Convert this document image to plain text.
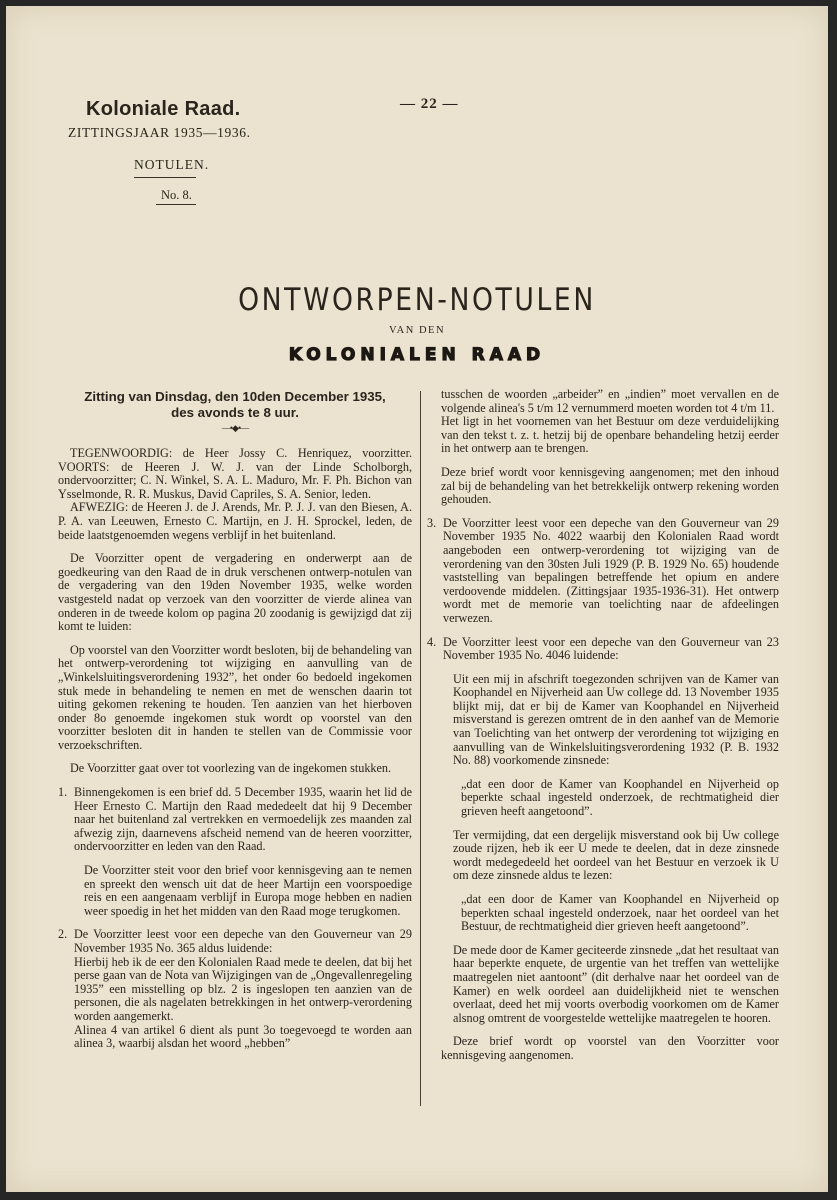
Koloniale Raad.
ZITTINGSJAAR 1935—1936.
— 22 —
NOTULEN.
No. 8.
ONTWORPEN-NOTULEN
VAN DEN
KOLONIALEN RAAD

Zitting van Dinsdag, den 10den December 1935,

des avonds te 8 uur.

—•◆•—

TEGENWOORDIG: de Heer Jossy C. Henriquez, voorzitter. VOORTS: de Heeren J. W. J. van der Linde Scholborgh, ondervoorzitter; C. N. Winkel, S. A. L. Maduro, Mr. F. Ph. Bichon van Ysselmonde, R. R. Muskus, David Capriles, S. A. Senior, leden.

AFWEZIG: de Heeren J. de J. Arends, Mr. P. J. J. van den Biesen, A. P. A. van Leeuwen, Ernesto C. Martijn, en J. H. Sprockel, leden, de beide laatstgenoemden wegens verblijf in het buitenland.

De Voorzitter opent de vergadering en onderwerpt aan de goedkeuring van den Raad de in druk verschenen ontwerp-notulen van de vergadering van den 19den November 1935, welke worden vastgesteld nadat op verzoek van den voorzitter de vierde alinea van onderen in de tweede kolom op pagina 20 zoodanig is gewijzigd dat zij komt te luiden:

Op voorstel van den Voorzitter wordt besloten, bij de behandeling van het ontwerp-verordening tot wijziging en aanvulling van de „Winkelsluitingsverordening 1932”, het onder 6o bedoeld ingekomen stuk mede in behandeling te nemen en met de wenschen daarin tot uiting gekomen rekening te houden. Ten aanzien van het hierboven onder 8o genoemde ingekomen stuk wordt op voorstel van den voorzitter besloten dit in handen te stellen van de Commissie voor verzoekschriften.

De Voorzitter gaat over tot voorlezing van de ingekomen stukken.

1. Binnengekomen is een brief dd. 5 December 1935, waarin het lid de Heer Ernesto C. Martijn den Raad mededeelt dat hij 9 December naar het buitenland zal vertrekken en vermoedelijk zes maanden zal afwezig zijn, daarnevens afscheid nemend van de heeren voorzitter, ondervoorzitter en leden van den Raad.

De Voorzitter steit voor den brief voor kennisgeving aan te nemen en spreekt den wensch uit dat de heer Martijn een voorspoedige reis en een aangenaam verblijf in Europa moge hebben en nadien weer spoedig in het het midden van den Raad moge terugkomen.

2. De Voorzitter leest voor een depeche van den Gouverneur van 29 November 1935 No. 365 aldus luidende:

Hierbij heb ik de eer den Kolonialen Raad mede te deelen, dat bij het perse gaan van de Nota van Wijzigingen van de „Ongevallenregeling 1935” een misstelling op blz. 2 is ingeslopen ten aanzien van de personen, die als nagelaten betrekkingen in het ontwerp-verordening worden aangemerkt.

Alinea 4 van artikel 6 dient als punt 3o toegevoegd te worden aan alinea 3, waarbij alsdan het woord „hebben”

tusschen de woorden „arbeider” en „indien” moet vervallen en de volgende alinea's 5 t/m 12 vernummerd moeten worden tot 4 t/m 11.

Het ligt in het voornemen van het Bestuur om deze verduidelijking van den tekst t. z. t. hetzij bij de openbare behandeling hetzij eerder in het ontwerp aan te brengen.

Deze brief wordt voor kennisgeving aangenomen; met den inhoud zal bij de behandeling van het betrekkelijk ontwerp rekening worden gehouden.

3. De Voorzitter leest voor een depeche van den Gouverneur van 29 November 1935 No. 4022 waarbij den Kolonialen Raad wordt aangeboden een ontwerp-verordening tot wijziging van de verordening van den 30sten Juli 1929 (P. B. 1929 No. 65) houdende vaststelling van bepalingen betreffende het opium en andere verdoovende middelen. (Zittingsjaar 1935-1936-31). Het ontwerp wordt met de memorie van toelichting naar de afdeelingen verwezen.

4. De Voorzitter leest voor een depeche van den Gouverneur van 23 November 1935 No. 4046 luidende:

Uit een mij in afschrift toegezonden schrijven van de Kamer van Koophandel en Nijverheid aan Uw college dd. 13 November 1935 blijkt mij, dat er bij de Kamer van Koophandel en Nijverheid misverstand is gerezen omtrent de in den aanhef van de Memorie van Toelichting van het ontwerp der verordening tot wijziging en aanvulling van de Winkelsluitingsverordening 1932 (P. B. 1932 No. 88) voorkomende zinsnede:

„dat een door de Kamer van Koophandel en Nijverheid op beperkte schaal ingesteld onderzoek, de rechtmatigheid dier grieven heeft aangetoond”.

Ter vermijding, dat een dergelijk misverstand ook bij Uw college zoude rijzen, heb ik eer U mede te deelen, dat in deze zinsnede wordt medegedeeld het oordeel van het Bestuur en verzoek ik U om deze zinsnede aldus te lezen:

„dat een door de Kamer van Koophandel en Nijverheid op beperkten schaal ingesteld onderzoek, naar het oordeel van het Bestuur, de rechtmatigheid dier grieven heeft aangetoond”.

De mede door de Kamer geciteerde zinsnede „dat het resultaat van haar beperkte enquete, de urgentie van het treffen van wettelijke maatregelen niet aantoont” (dit derhalve naar het oordeel van de Kamer) en welk oordeel aan duidelijkheid niet te wenschen overlaat, deed het mij voorts overbodig voorkomen om de Kamer alsnog omtrent de voorgestelde wettelijke maatregelen te hooren.

Deze brief wordt op voorstel van den Voorzitter voor kennisgeving aangenomen.
